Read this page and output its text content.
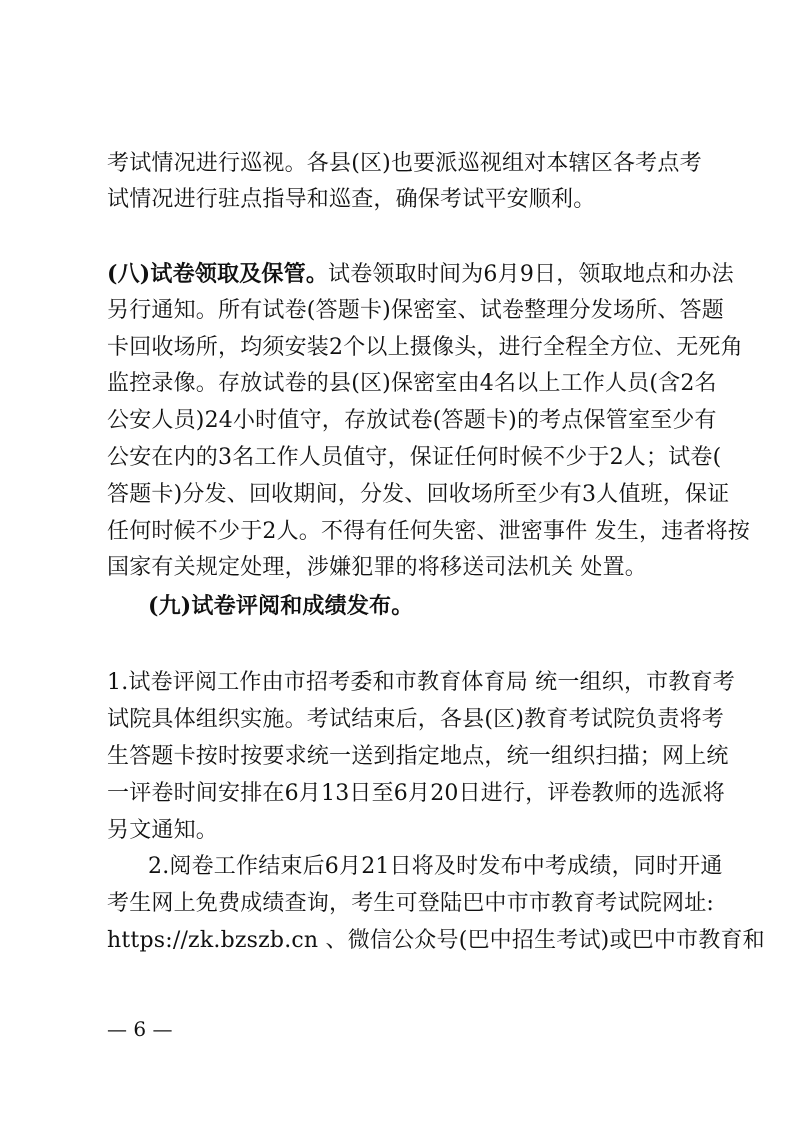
考试情况进行巡视。各县(区)也要派巡视组对本辖区各考点考
试情况进行驻点指导和巡查，确保考试平安顺利。
(八)试卷领取及保管。试卷领取时间为6月9日，领取地点和办法
另行通知。所有试卷(答题卡)保密室、试卷整理分发场所、答题
卡回收场所，均须安装2个以上摄像头，进行全程全方位、无死角
监控录像。存放试卷的县(区)保密室由4名以上工作人员(含2名
公安人员)24小时值守，存放试卷(答题卡)的考点保管室至少有
公安在内的3名工作人员值守，保证任何时候不少于2人；试卷(
答题卡)分发、回收期间，分发、回收场所至少有3人值班，保证
任何时候不少于2人。不得有任何失密、泄密事件 发生，违者将按
国家有关规定处理，涉嫌犯罪的将移送司法机关 处置。
(九)试卷评阅和成绩发布。
1.试卷评阅工作由市招考委和市教育体育局 统一组织，市教育考
试院具体组织实施。考试结束后，各县(区)教育考试院负责将考
生答题卡按时按要求统一送到指定地点，统一组织扫描；网上统
一评卷时间安排在6月13日至6月20日进行，评卷教师的选派将
另文通知。
2.阅卷工作结束后6月21日将及时发布中考成绩，同时开通
考生网上免费成绩查询，考生可登陆巴中市市教育考试院网址:
https://zk.bzszb.cn 、微信公众号(巴中招生考试)或巴中市教育和
— 6 —
